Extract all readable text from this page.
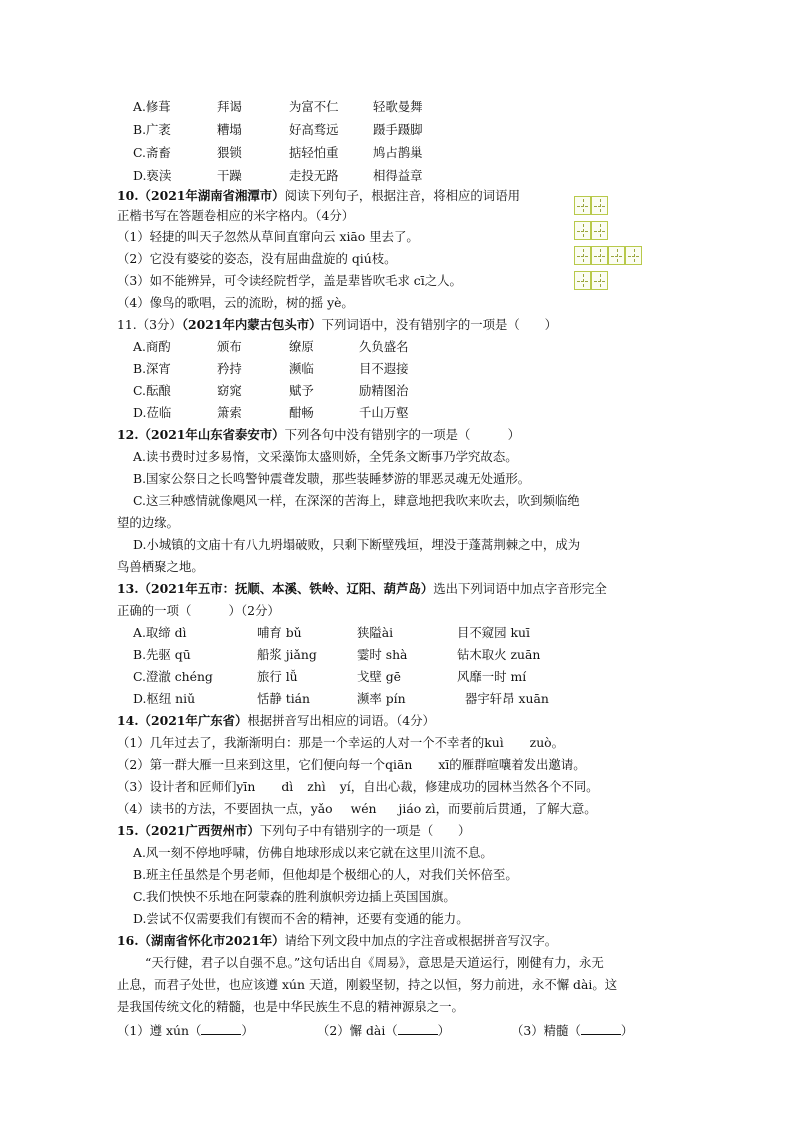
A.修葺	拜谒	为富不仁	轻歌曼舞
B.广袤	糟塌	好高骛远	蹑手蹑脚
C.斋畜	猥锁	掂轻怕重	鸠占鹊巢
D.亵渎	干躁	走投无路	相得益章
10.（2021年湖南省湘潭市）阅读下列句子，根据注音，将相应的词语用
正楷书写在答题卷相应的米字格内。（4分）
（1）轻捷的叫天子忽然从草间直窜向云 xiāo 里去了。
（2）它没有婆娑的姿态，没有屈曲盘旋的 qiú枝。
（3）如不能辨异，可令读经院哲学，盖是辈皆吹毛求 cī之人。
（4）像鸟的歌唱，云的流盼，树的摇 yè。
11.（3分）（2021年内蒙古包头市）下列词语中，没有错别字的一项是（　　）
A.商酌	颁布	缭原	久负盛名
B.深宵	矜持	濒临	目不遐接
C.酝酿	窈窕	赋予	励精图治
D.莅临	箫索	酣畅	千山万壑
12.（2021年山东省泰安市）下列各句中没有错别字的一项是（　　　）
A.读书费时过多易惰，文采藻饰太盛则娇，全凭条文断事乃学究故态。
B.国家公祭日之长鸣警钟震聋发聩，那些装睡梦游的罪恶灵魂无处遁形。
C.这三种感情就像飓风一样，在深深的苦海上，肆意地把我吹来吹去，吹到频临绝
望的边缘。
D.小城镇的文庙十有八九坍塌破败，只剩下断壁残垣，埋没于蓬蒿荆棘之中，成为
鸟兽栖聚之地。
13.（2021年五市：抚顺、本溪、铁岭、辽阳、葫芦岛）选出下列词语中加点字音形完全
正确的一项（　　　）（2分）
A.取缔 dì	哺育 bǔ	狭隘ài	目不窥园 kuī
B.先驱 qū	船浆 jiǎng	霎时 shà	钻木取火 zuān
C.澄澈 chéng	旅行 lǚ	戈壁 gē	风靡一时 mí
D.枢纽 niǔ	恬静 tián	濒率 pín	器宇轩昂 xuān
14.（2021年广东省）根据拼音写出相应的词语。（4分）
（1）几年过去了，我渐渐明白：那是一个幸运的人对一个不幸者的kuì zuò。
（2）第一群大雁一旦来到这里，它们便向每一个qiān xī的雁群喧嚷着发出邀请。
（3）设计者和匠师们yīn dì zhì yí，自出心裁，修建成功的园林当然各个不同。
（4）读书的方法，不要固执一点，yǎo wén jiáo zì，而要前后贯通，了解大意。
15.（2021广西贺州市）下列句子中有错别字的一项是（　　）
A.风一刻不停地呼啸，仿佛自地球形成以来它就在这里川流不息。
B.班主任虽然是个男老师，但他却是个极细心的人，对我们关怀倍至。
C.我们怏怏不乐地在阿蒙森的胜利旗帜旁边插上英国国旗。
D.尝试不仅需要我们有锲而不舍的精神，还要有变通的能力。
16.（湖南省怀化市2021年）请给下列文段中加点的字注音或根据拼音写汉字。
“天行健，君子以自强不息。”这句话出自《周易》，意思是天道运行，刚健有力，永无
止息，而君子处世，也应该遵 xún 天道，刚毅坚韧，持之以恒，努力前进，永不懈 dài。这
是我国传统文化的精髓，也是中华民族生不息的精神源泉之一。
（1）遵 xún（	）	（2）懈 dài（	）	（3）精髓（	）
